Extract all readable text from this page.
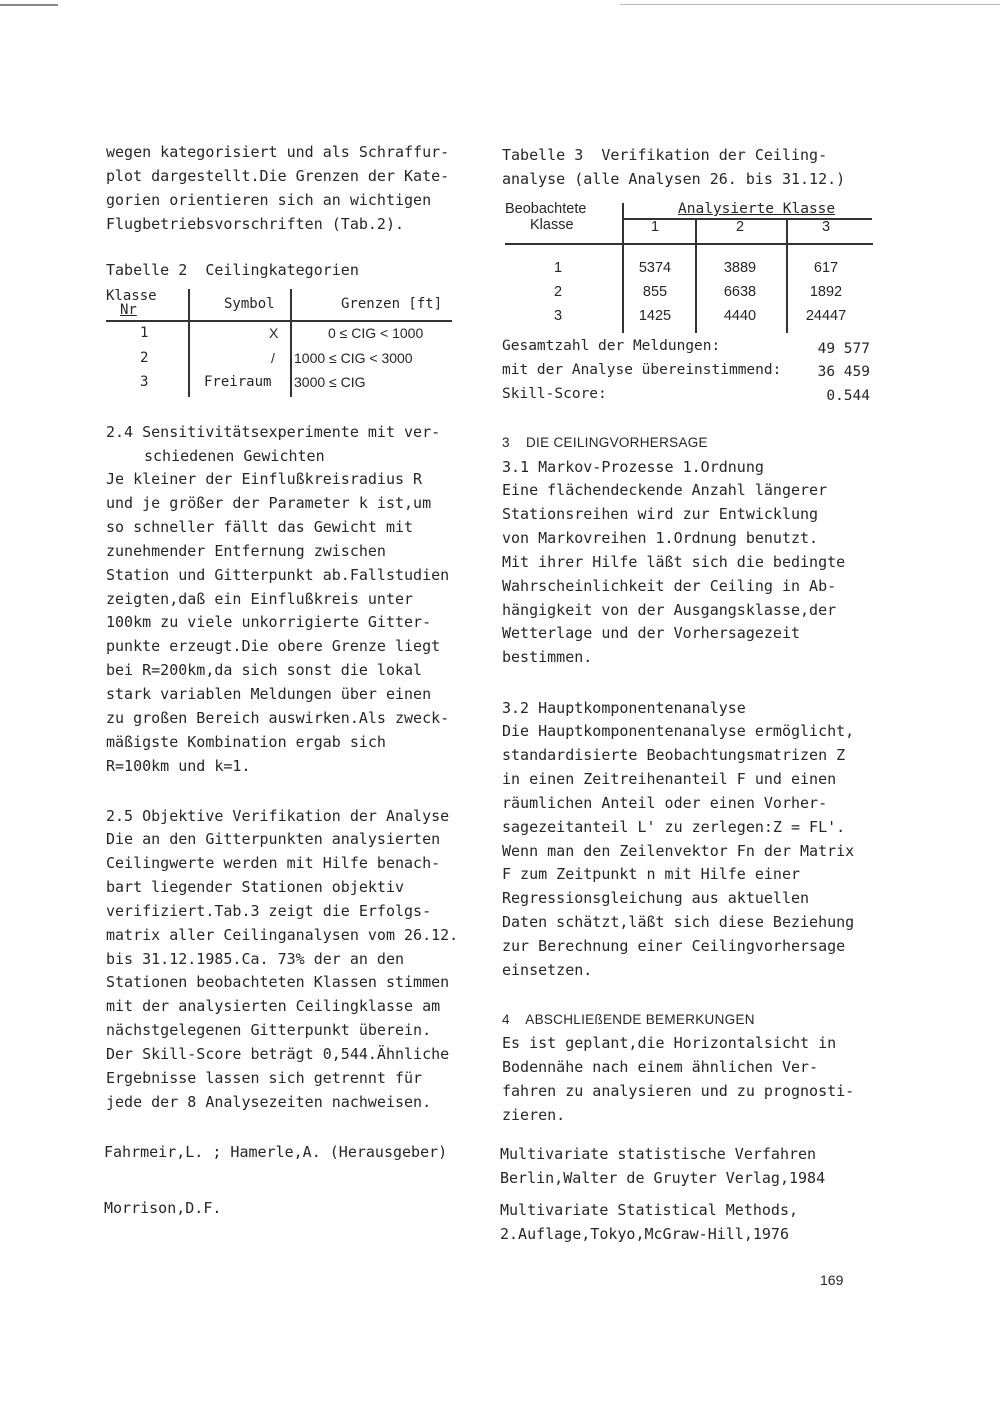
wegen kategorisiert und als Schraffur-

plot dargestellt.Die Grenzen der Kate-

gorien orientieren sich an wichtigen

Flugbetriebsvorschriften (Tab.2).

Tabelle 2  Ceilingkategorien
Klasse
Nr	Symbol	Grenzen [ft]
1	X	0 ≤ CIG < 1000
2	/ 1000 ≤ CIG < 3000
3	Freiraum 3000 ≤ CIG

2.4 Sensitivitätsexperimente mit ver-

schiedenen Gewichten

Je kleiner der Einflußkreisradius R

und je größer der Parameter k ist,um

so schneller fällt das Gewicht mit

zunehmender Entfernung zwischen

Station und Gitterpunkt ab.Fallstudien

zeigten,daß ein Einflußkreis unter

100km zu viele unkorrigierte Gitter-

punkte erzeugt.Die obere Grenze liegt

bei R=200km,da sich sonst die lokal

stark variablen Meldungen über einen

zu großen Bereich auswirken.Als zweck-

mäßigste Kombination ergab sich

R=100km und k=1.

2.5 Objektive Verifikation der Analyse

Die an den Gitterpunkten analysierten

Ceilingwerte werden mit Hilfe benach-

bart liegender Stationen objektiv

verifiziert.Tab.3 zeigt die Erfolgs-

matrix aller Ceilinganalysen vom 26.12.

bis 31.12.1985.Ca. 73% der an den

Stationen beobachteten Klassen stimmen

mit der analysierten Ceilingklasse am

nächstgelegenen Gitterpunkt überein.

Der Skill-Score beträgt 0,544.Ähnliche

Ergebnisse lassen sich getrennt für

jede der 8 Analysezeiten nachweisen.

Tabelle 3  Verifikation der Ceiling-

analyse (alle Analysen 26. bis 31.12.)

Beobachtete
Klasse
Analysierte Klasse
1	2	3
1	5374	3889	617
2	855	6638	1892
3	1425	4440	24447
Gesamtzahl der Meldungen:	49 577
mit der Analyse übereinstimmend:	36 459
Skill-Score:	0.544

3    DIE CEILINGVORHERSAGE

3.1 Markov-Prozesse 1.Ordnung

Eine flächendeckende Anzahl längerer

Stationsreihen wird zur Entwicklung

von Markovreihen 1.Ordnung benutzt.

Mit ihrer Hilfe läßt sich die bedingte

Wahrscheinlichkeit der Ceiling in Ab-

hängigkeit von der Ausgangsklasse,der

Wetterlage und der Vorhersagezeit

bestimmen.

3.2 Hauptkomponentenanalyse

Die Hauptkomponentenanalyse ermöglicht,

standardisierte Beobachtungsmatrizen Z

in einen Zeitreihenanteil F und einen

räumlichen Anteil oder einen Vorher-

sagezeitanteil L' zu zerlegen:Z = FL'.

Wenn man den Zeilenvektor Fn der Matrix

F zum Zeitpunkt n mit Hilfe einer

Regressionsgleichung aus aktuellen

Daten schätzt,läßt sich diese Beziehung

zur Berechnung einer Ceilingvorhersage

einsetzen.

4    ABSCHLIEßENDE BEMERKUNGEN

Es ist geplant,die Horizontalsicht in

Bodennähe nach einem ähnlichen Ver-

fahren zu analysieren und zu prognosti-

zieren.

Fahrmeir,L. ; Hamerle,A. (Herausgeber)	Multivariate statistische Verfahren
Berlin,Walter de Gruyter Verlag,1984
Morrison,D.F.	Multivariate Statistical Methods,
2.Auflage,Tokyo,McGraw-Hill,1976
169
